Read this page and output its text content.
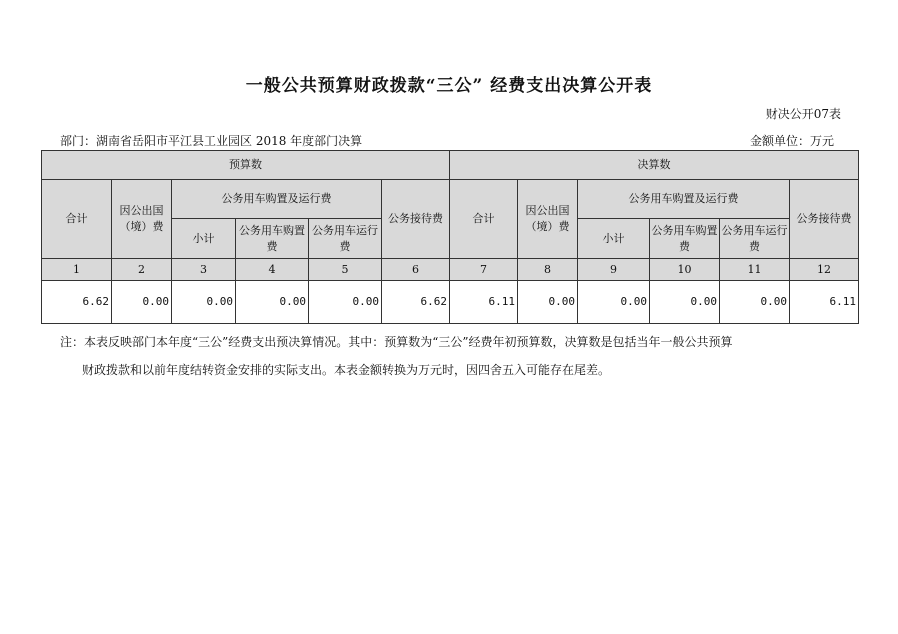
一般公共预算财政拨款“三公” 经费支出决算公开表
财决公开07表
部门：湖南省岳阳市平江县工业园区 2018 年度部门决算	金额单位：万元
预算数						决算数					
合计	因公出国（境）费	公务用车购置及运行费			公务接待费	合计	因公出国（境）费	公务用车购置及运行费			公务接待费
		小计	公务用车购置费	公务用车运行费				小计	公务用车购置费	公务用车运行费	
1	2	3	4	5	6	7	8	9	10	11	12
6.62	0.00	0.00	0.00	0.00	6.62	6.11	0.00	0.00	0.00	0.00	6.11
注：本表反映部门本年度“三公”经费支出预决算情况。其中：预算数为“三公”经费年初预算数，决算数是包括当年一般公共预算
财政拨款和以前年度结转资金安排的实际支出。本表金额转换为万元时，因四舍五入可能存在尾差。
